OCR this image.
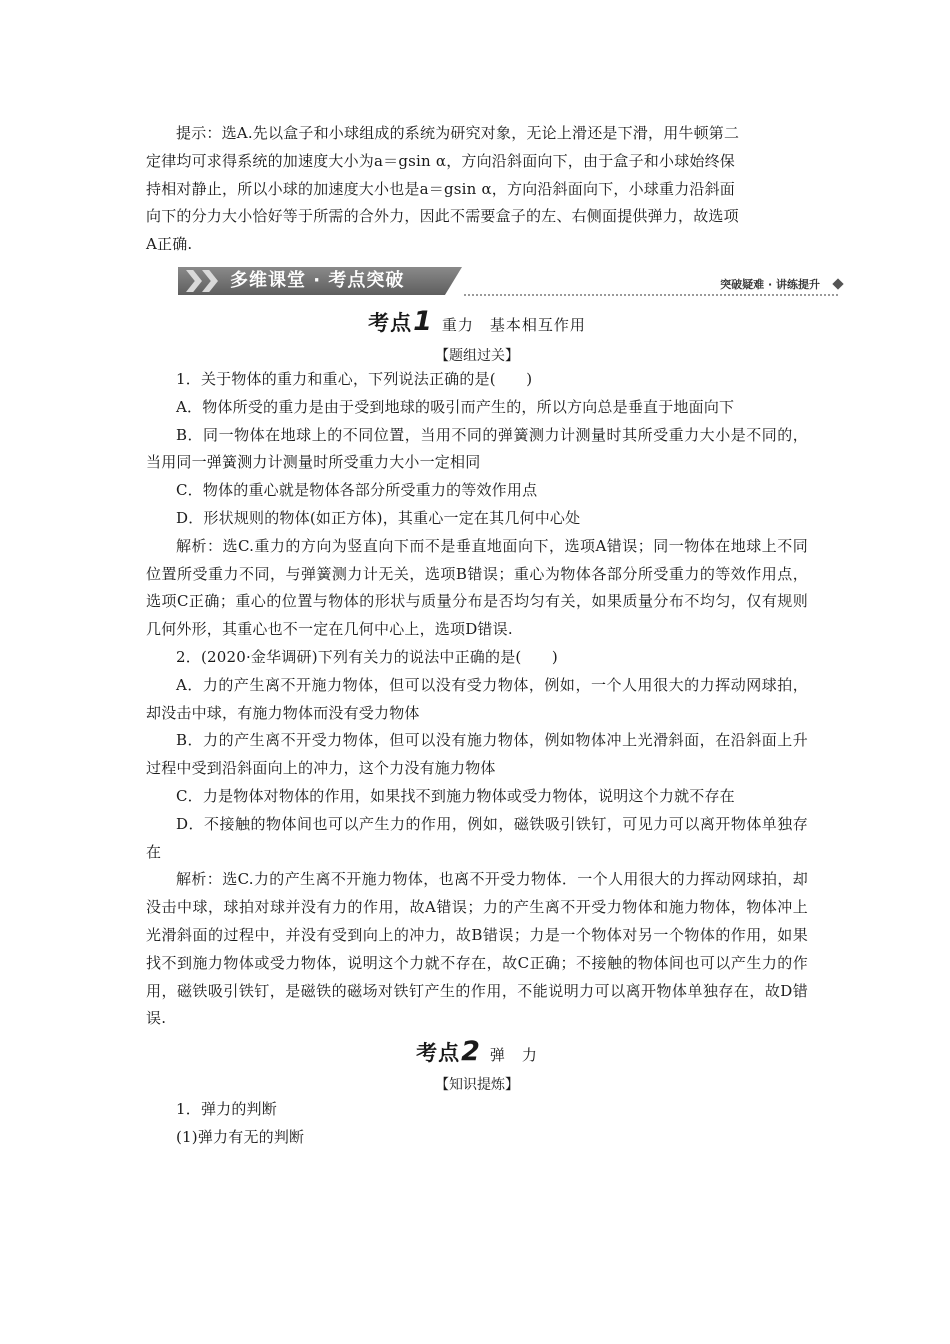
提示：选A.先以盒子和小球组成的系统为研究对象，无论上滑还是下滑，用牛顿第二

定律均可求得系统的加速度大小为a＝gsin α，方向沿斜面向下，由于盒子和小球始终保

持相对静止，所以小球的加速度大小也是a＝gsin α，方向沿斜面向下，小球重力沿斜面

向下的分力大小恰好等于所需的合外力，因此不需要盒子的左、右侧面提供弹力，故选项

A正确.

多维课堂 · 考点突破	突破疑难 · 讲练提升
考点1 重力　基本相互作用
【题组过关】

1．关于物体的重力和重心，下列说法正确的是(　　)

A．物体所受的重力是由于受到地球的吸引而产生的，所以方向总是垂直于地面向下

B．同一物体在地球上的不同位置，当用不同的弹簧测力计测量时其所受重力大小是不同的，当用同一弹簧测力计测量时所受重力大小一定相同

C．物体的重心就是物体各部分所受重力的等效作用点

D．形状规则的物体(如正方体)，其重心一定在其几何中心处

解析：选C.重力的方向为竖直向下而不是垂直地面向下，选项A错误；同一物体在地球上不同位置所受重力不同，与弹簧测力计无关，选项B错误；重心为物体各部分所受重力的等效作用点，选项C正确；重心的位置与物体的形状与质量分布是否均匀有关，如果质量分布不均匀，仅有规则几何外形，其重心也不一定在几何中心上，选项D错误.

2．(2020·金华调研)下列有关力的说法中正确的是(　　)

A．力的产生离不开施力物体，但可以没有受力物体，例如，一个人用很大的力挥动网球拍，却没击中球，有施力物体而没有受力物体

B．力的产生离不开受力物体，但可以没有施力物体，例如物体冲上光滑斜面，在沿斜面上升过程中受到沿斜面向上的冲力，这个力没有施力物体

C．力是物体对物体的作用，如果找不到施力物体或受力物体，说明这个力就不存在

D．不接触的物体间也可以产生力的作用，例如，磁铁吸引铁钉，可见力可以离开物体单独存在

解析：选C.力的产生离不开施力物体，也离不开受力物体．一个人用很大的力挥动网球拍，却没击中球，球拍对球并没有力的作用，故A错误；力的产生离不开受力物体和施力物体，物体冲上光滑斜面的过程中，并没有受到向上的冲力，故B错误；力是一个物体对另一个物体的作用，如果找不到施力物体或受力物体，说明这个力就不存在，故C正确；不接触的物体间也可以产生力的作用，磁铁吸引铁钉，是磁铁的磁场对铁钉产生的作用，不能说明力可以离开物体单独存在，故D错误.

考点2 弹　力
【知识提炼】

1．弹力的判断

(1)弹力有无的判断
